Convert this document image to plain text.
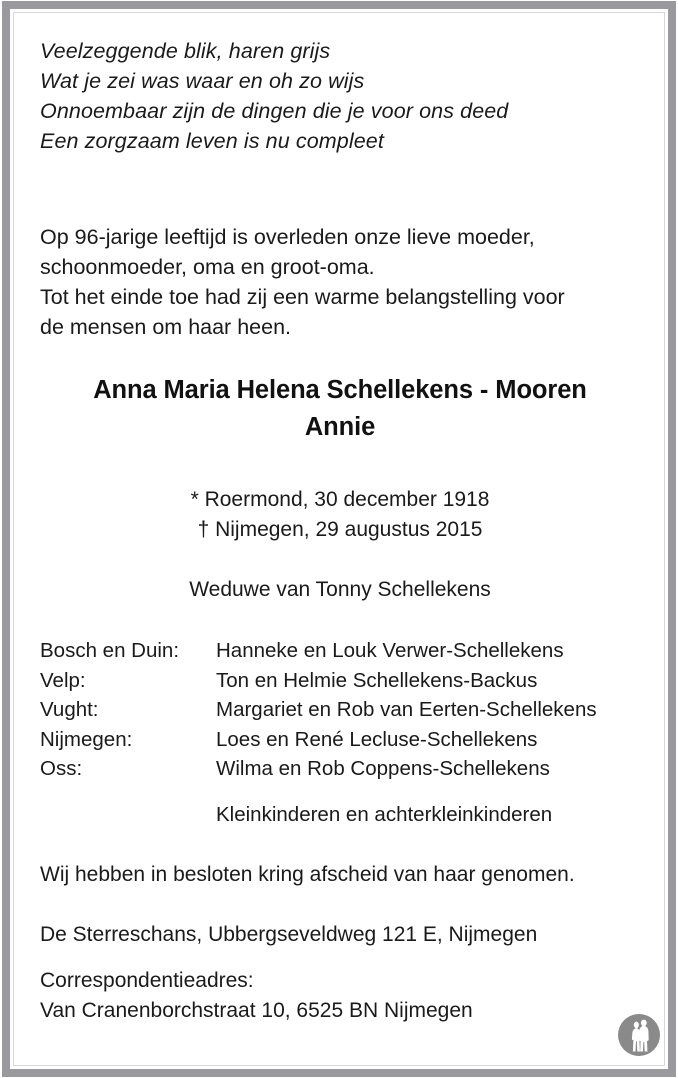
Veelzeggende blik, haren grijs
Wat je zei was waar en oh zo wijs
Onnoembaar zijn de dingen die je voor ons deed
Een zorgzaam leven is nu compleet
Op 96-jarige leeftijd is overleden onze lieve moeder,
schoonmoeder, oma en groot-oma.
Tot het einde toe had zij een warme belangstelling voor
de mensen om haar heen.
Anna Maria Helena Schellekens - Mooren
Annie
* Roermond, 30 december 1918
† Nijmegen, 29 augustus 2015
Weduwe van Tonny Schellekens
Bosch en Duin: Hanneke en Louk Verwer-Schellekens
Velp:	Ton en Helmie Schellekens-Backus
Vught:	Margariet en Rob van Eerten-Schellekens
Nijmegen:	Loes en René Lecluse-Schellekens
Oss:	Wilma en Rob Coppens-Schellekens
Kleinkinderen en achterkleinkinderen
Wij hebben in besloten kring afscheid van haar genomen.
De Sterreschans, Ubbergseveldweg 121 E, Nijmegen
Correspondentieadres:
Van Cranenborchstraat 10, 6525 BN Nijmegen
